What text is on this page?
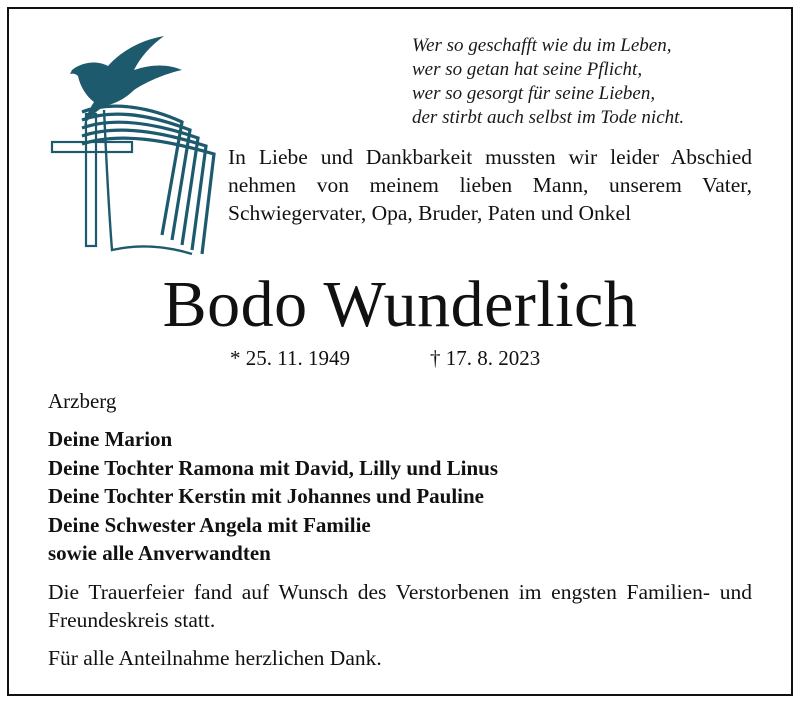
Wer so geschafft wie du im Leben,
wer so getan hat seine Pflicht,
wer so gesorgt für seine Lieben,
der stirbt auch selbst im Tode nicht.
In Liebe und Dankbarkeit mussten wir leider Abschied nehmen von meinem lieben Mann, unserem Vater, Schwiegervater, Opa, Bruder, Paten und Onkel
Bodo Wunderlich
* 25. 11. 1949	† 17. 8. 2023
Arzberg
Deine Marion
Deine Tochter Ramona mit David, Lilly und Linus
Deine Tochter Kerstin mit Johannes und Pauline
Deine Schwester Angela mit Familie
sowie alle Anverwandten
Die Trauerfeier fand auf Wunsch des Verstorbenen im engsten Familien- und Freundeskreis statt.
Für alle Anteilnahme herzlichen Dank.
